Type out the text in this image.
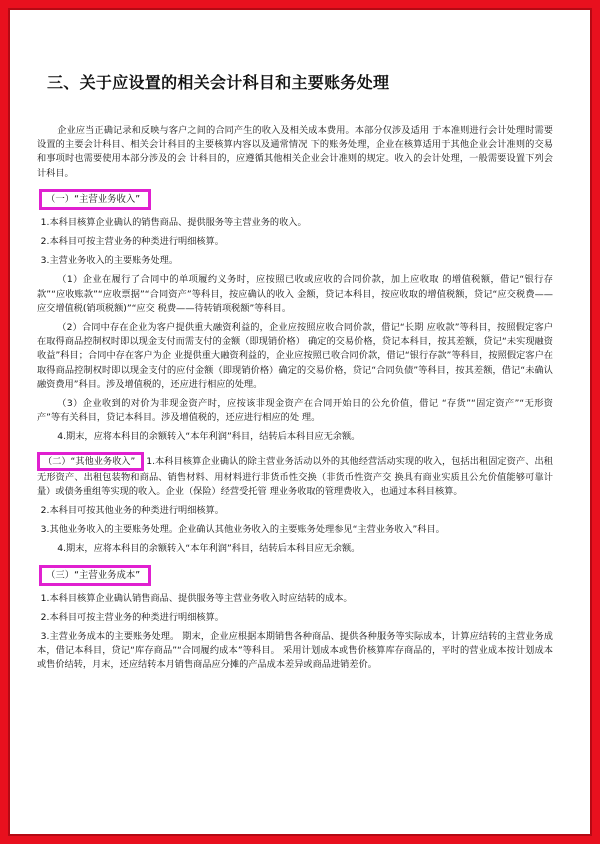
三、关于应设置的相关会计科目和主要账务处理

企业应当正确记录和反映与客户之间的合同产生的收入及相关成本费用。本部分仅涉及适用 于本准则进行会计处理时需要设置的主要会计科目、相关会计科目的主要核算内容以及通常情况 下的账务处理，企业在核算适用于其他企业会计准则的交易和事项时也需要使用本部分涉及的会 计科目的，应遵循其他相关企业会计准则的规定。收入的会计处理，一般需要设置下列会计科目。

（一）“主营业务收入”

1.本科目核算企业确认的销售商品、提供服务等主营业务的收入。

2.本科目可按主营业务的种类进行明细核算。

3.主营业务收入的主要账务处理。

（1）企业在履行了合同中的单项履约义务时，应按照已收或应收的合同价款，加上应收取 的增值税额，借记“银行存款”“应收账款”“应收票据”“合同资产”等科目，按应确认的收入 金额，贷记本科目，按应收取的增值税额，贷记“应交税费——应交增值税(销项税额)”“应交 税费——待转销项税额”等科目。

（2）合同中存在企业为客户提供重大融资利益的，企业应按照应收合同价款，借记“长期 应收款”等科目，按照假定客户在取得商品控制权时即以现金支付而需支付的金额（即现销价格） 确定的交易价格，贷记本科目，按其差额，贷记“未实现融资收益”科目；合同中存在客户为企 业提供重大融资利益的，企业应按照已收合同价款，借记“银行存款”等科目，按照假定客户在 取得商品控制权时即以现金支付的应付金额（即现销价格）确定的交易价格，贷记“合同负债”等科目，按其差额，借记“未确认融资费用”科目。涉及增值税的，还应进行相应的处理。

（3）企业收到的对价为非现金资产时，应按该非现金资产在合同开始日的公允价值，借记 “存货”“固定资产”“无形资产”等有关科目，贷记本科目。涉及增值税的，还应进行相应的处 理。

4.期末，应将本科目的余额转入“本年利润”科目，结转后本科目应无余额。

（二）“其他业务收入” 1.本科目核算企业确认的除主营业务活动以外的其他经营活动实现的收入，包括出租固定资产、出租无形资产、出租包装物和商品、销售材料、用材料进行非货币性交换（非货币性资产交 换具有商业实质且公允价值能够可靠计量）或债务重组等实现的收入。企业（保险）经营受托管 理业务收取的管理费收入，也通过本科目核算。

2.本科目可按其他业务的种类进行明细核算。

3.其他业务收入的主要账务处理。企业确认其他业务收入的主要账务处理参见“主营业务收入”科目。

4.期末，应将本科目的余额转入“本年利润”科目，结转后本科目应无余额。

（三）“主营业务成本”

1.本科目核算企业确认销售商品、提供服务等主营业务收入时应结转的成本。

2.本科目可按主营业务的种类进行明细核算。

3.主营业务成本的主要账务处理。 期末，企业应根据本期销售各种商品、提供各种服务等实际成本，计算应结转的主营业务成本，借记本科目，贷记“库存商品”“合同履约成本”等科目。 采用计划成本或售价核算库存商品的，平时的营业成本按计划成本或售价结转，月末，还应结转本月销售商品应分摊的产品成本差异或商品进销差价。
